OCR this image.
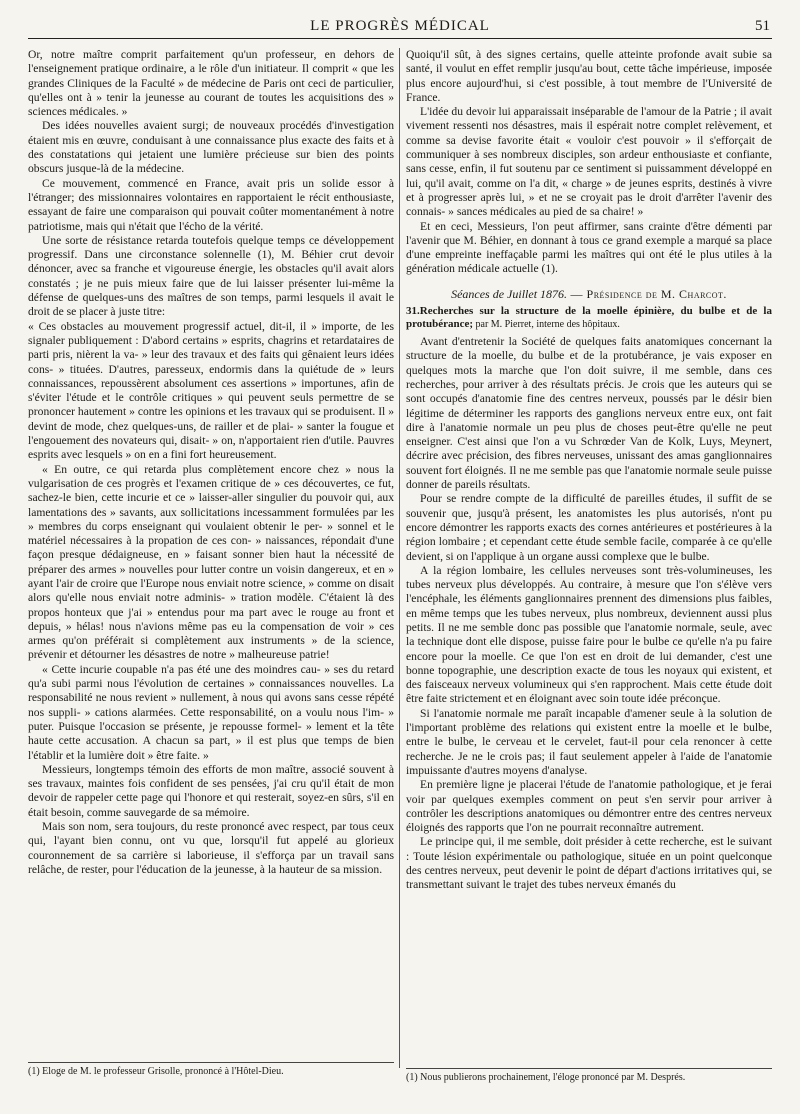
LE PROGRÈS MÉDICAL	51

Or, notre maître comprit parfaitement qu'un professeur, en dehors de l'enseignement pratique ordinaire, a le rôle d'un initiateur. Il comprit « que les grandes Cliniques de la Faculté » de médecine de Paris ont ceci de particulier, qu'elles ont à » tenir la jeunesse au courant de toutes les acquisitions des » sciences médicales. »

Des idées nouvelles avaient surgi; de nouveaux procédés d'investigation étaient mis en œuvre, conduisant à une connaissance plus exacte des faits et à des constatations qui jetaient une lumière précieuse sur bien des points obscurs jusque-là de la médecine.

Ce mouvement, commencé en France, avait pris un solide essor à l'étranger; des missionnaires volontaires en rapportaient le récit enthousiaste, essayant de faire une comparaison qui pouvait coûter momentanément à notre patriotisme, mais qui n'était que l'écho de la vérité.

Une sorte de résistance retarda toutefois quelque temps ce développement progressif. Dans une circonstance solennelle (1), M. Béhier crut devoir dénoncer, avec sa franche et vigoureuse énergie, les obstacles qu'il avait alors constatés ; je ne puis mieux faire que de lui laisser présenter lui-même la défense de quelques-uns des maîtres de son temps, parmi lesquels il avait le droit de se placer à juste titre:

« Ces obstacles au mouvement progressif actuel, dit-il, il » importe, de les signaler publiquement : D'abord certains » esprits, chagrins et retardataires de parti pris, nièrent la va- » leur des travaux et des faits qui gênaient leurs idées cons- » tituées. D'autres, paresseux, endormis dans la quiétude de » leurs connaissances, repoussèrent absolument ces assertions » importunes, afin de s'éviter l'étude et le contrôle critiques » qui peuvent seuls permettre de se prononcer hautement » contre les opinions et les travaux qui se produisent. Il » devint de mode, chez quelques-uns, de railler et de plai- » santer la fougue et l'engouement des novateurs qui, disait- » on, n'apportaient rien d'utile. Pauvres esprits avec lesquels » on en a fini fort heureusement.

« En outre, ce qui retarda plus complètement encore chez » nous la vulgarisation de ces progrès et l'examen critique de » ces découvertes, ce fut, sachez-le bien, cette incurie et ce » laisser-aller singulier du pouvoir qui, aux lamentations des » savants, aux sollicitations incessamment formulées par les » membres du corps enseignant qui voulaient obtenir le per- » sonnel et le matériel nécessaires à la propation de ces con- » naissances, répondait d'une façon presque dédaigneuse, en » faisant sonner bien haut la nécessité de préparer des armes » nouvelles pour lutter contre un voisin dangereux, et en » ayant l'air de croire que l'Europe nous enviait notre science, » comme on disait alors qu'elle nous enviait notre adminis- » tration modèle. C'étaient là des propos honteux que j'ai » entendus pour ma part avec le rouge au front et depuis, » hélas! nous n'avions même pas eu la compensation de voir » ces armes qu'on préférait si complètement aux instruments » de la science, prévenir et détourner les désastres de notre » malheureuse patrie!

« Cette incurie coupable n'a pas été une des moindres cau- » ses du retard qu'a subi parmi nous l'évolution de certaines » connaissances nouvelles. La responsabilité ne nous revient » nullement, à nous qui avons sans cesse répété nos suppli- » cations alarmées. Cette responsabilité, on a voulu nous l'im- » puter. Puisque l'occasion se présente, je repousse formel- » lement et la tête haute cette accusation. A chacun sa part, » il est plus que temps de bien l'établir et la lumière doit » être faite. »

Messieurs, longtemps témoin des efforts de mon maître, associé souvent à ses travaux, maintes fois confident de ses pensées, j'ai cru qu'il était de mon devoir de rappeler cette page qui l'honore et qui resterait, soyez-en sûrs, s'il en était besoin, comme sauvegarde de sa mémoire.

Mais son nom, sera toujours, du reste prononcé avec respect, par tous ceux qui, l'ayant bien connu, ont vu que, lorsqu'il fut appelé au glorieux couronnement de sa carrière si laborieuse, il s'efforça par un travail sans relâche, de rester, pour l'éducation de la jeunesse, à la hauteur de sa mission.

(1) Eloge de M. le professeur Grisolle, prononcé à l'Hôtel-Dieu.

Quoiqu'il sût, à des signes certains, quelle atteinte profonde avait subie sa santé, il voulut en effet remplir jusqu'au bout, cette tâche impérieuse, imposée plus encore aujourd'hui, si c'est possible, à tout membre de l'Université de France.

L'idée du devoir lui apparaissait inséparable de l'amour de la Patrie ; il avait vivement ressenti nos désastres, mais il espérait notre complet relèvement, et comme sa devise favorite était « vouloir c'est pouvoir » il s'efforçait de communiquer à ses nombreux disciples, son ardeur enthousiaste et confiante, sans cesse, enfin, il fut soutenu par ce sentiment si puissamment développé en lui, qu'il avait, comme on l'a dit, « charge » de jeunes esprits, destinés à vivre et à progresser après lui, » et ne se croyait pas le droit d'arrêter l'avenir des connais- » sances médicales au pied de sa chaire! »

Et en ceci, Messieurs, l'on peut affirmer, sans crainte d'être démenti par l'avenir que M. Béhier, en donnant à tous ce grand exemple a marqué sa place d'une empreinte ineffaçable parmi les maîtres qui ont été le plus utiles à la génération médicale actuelle (1).

Séances de Juillet 1876. — Présidence de M. Charcot.

31.Recherches sur la structure de la moelle épinière, du bulbe et de la protubérance; par M. Pierret, interne des hôpitaux.

Avant d'entretenir la Société de quelques faits anatomiques concernant la structure de la moelle, du bulbe et de la protubérance, je vais exposer en quelques mots la marche que l'on doit suivre, il me semble, dans ces recherches, pour arriver à des résultats précis. Je crois que les auteurs qui se sont occupés d'anatomie fine des centres nerveux, poussés par le désir bien légitime de déterminer les rapports des ganglions nerveux entre eux, ont fait dire à l'anatomie normale un peu plus de choses peut-être qu'elle ne peut enseigner. C'est ainsi que l'on a vu Schrœder Van de Kolk, Luys, Meynert, décrire avec précision, des fibres nerveuses, unissant des amas ganglionnaires souvent fort éloignés. Il ne me semble pas que l'anatomie normale seule puisse donner de pareils résultats.

Pour se rendre compte de la difficulté de pareilles études, il suffit de se souvenir que, jusqu'à présent, les anatomistes les plus autorisés, n'ont pu encore démontrer les rapports exacts des cornes antérieures et postérieures à la région lombaire ; et cependant cette étude semble facile, comparée à ce qu'elle devient, si on l'applique à un organe aussi complexe que le bulbe.

A la région lombaire, les cellules nerveuses sont très-volumineuses, les tubes nerveux plus développés. Au contraire, à mesure que l'on s'élève vers l'encéphale, les éléments ganglionnaires prennent des dimensions plus faibles, en même temps que les tubes nerveux, plus nombreux, deviennent aussi plus petits. Il ne me semble donc pas possible que l'anatomie normale, seule, avec la technique dont elle dispose, puisse faire pour le bulbe ce qu'elle n'a pu faire encore pour la moelle. Ce que l'on est en droit de lui demander, c'est une bonne topographie, une description exacte de tous les noyaux qui existent, et des faisceaux nerveux volumineux qui s'en rapprochent. Mais cette étude doit être faite strictement et en éloignant avec soin toute idée préconçue.

Si l'anatomie normale me paraît incapable d'amener seule à la solution de l'important problème des relations qui existent entre la moelle et le bulbe, entre le bulbe, le cerveau et le cervelet, faut-il pour cela renoncer à cette recherche. Je ne le crois pas; il faut seulement appeler à l'aide de l'anatomie impuissante d'autres moyens d'analyse.

En première ligne je placerai l'étude de l'anatomie pathologique, et je ferai voir par quelques exemples comment on peut s'en servir pour arriver à contrôler les descriptions anatomiques ou démontrer entre des centres nerveux éloignés des rapports que l'on ne pourrait reconnaître autrement.

Le principe qui, il me semble, doit présider à cette recherche, est le suivant : Toute lésion expérimentale ou pathologique, située en un point quelconque des centres nerveux, peut devenir le point de départ d'actions irritatives qui, se transmettant suivant le trajet des tubes nerveux émanés du

(1) Nous publierons prochainement, l'éloge prononcé par M. Després.
